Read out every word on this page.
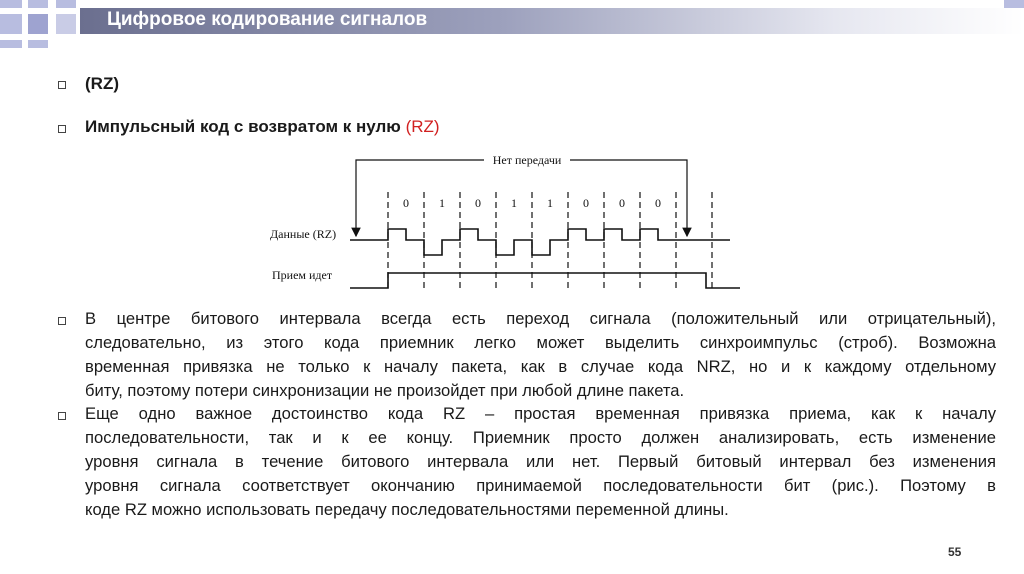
Цифровое кодирование сигналов
(RZ)
Импульсный код с возвратом к нулю (RZ)
Нет передачи
0	1	0	1	1	0	0	0
Данные (RZ)
Прием идет
В центре битового интервала всегда есть переход сигнала (положительный или отрицательный),
следовательно, из этого кода приемник легко может выделить синхроимпульс (строб). Возможна
временная привязка не только к началу пакета, как в случае кода NRZ, но и к каждому отдельному
биту, поэтому потери синхронизации не произойдет при любой длине пакета.
Еще одно важное достоинство кода RZ – простая временная привязка приема, как к началу
последовательности, так и к ее концу. Приемник просто должен анализировать, есть изменение
уровня сигнала в течение битового интервала или нет. Первый битовый интервал без изменения
уровня сигнала соответствует окончанию принимаемой последовательности бит (рис.). Поэтому в
коде RZ можно использовать передачу последовательностями переменной длины.
55
